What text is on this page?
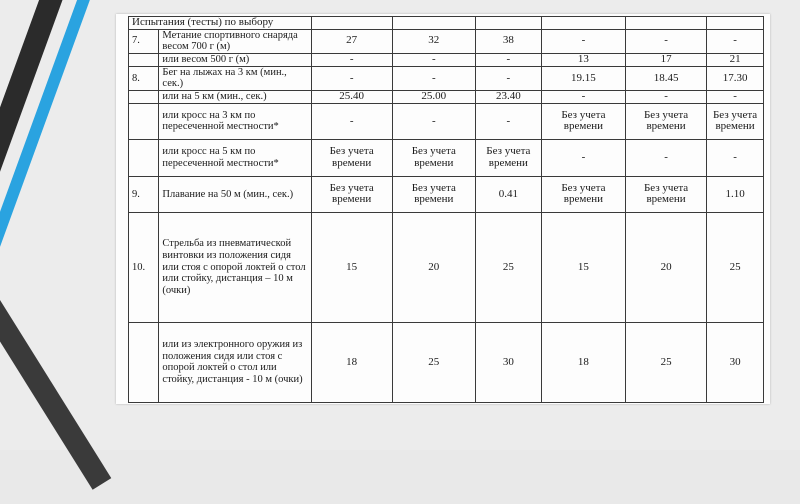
Испытания (тесты) по выбору							
7.	Метание спортивного снаряда весом 700 г (м)	27	32	38	-	-	-
	или весом 500 г (м)	-	-	-	13	17	21
8.	Бег на лыжах на 3 км (мин., сек.)	-	-	-	19.15	18.45	17.30
	или на 5 км (мин., сек.)	25.40	25.00	23.40	-	-	-
	или кросс на 3 км по пересеченной местности*	-	-	-	Без учета времени	Без учета времени	Без учета времени
	или кросс на 5 км по пересеченной местности*	Без учета времени	Без учета времени	Без учета времени	-	-	-
9.	Плавание на 50 м (мин., сек.)	Без учета времени	Без учета времени	0.41	Без учета времени	Без учета времени	1.10
10.	Стрельба из пневматической винтовки из положения сидя или стоя с опорой локтей о стол или стойку, дистанция – 10 м (очки)	15	20	25	15	20	25
	или из электронного оружия из положения сидя или стоя с опорой локтей о стол или стойку, дистанция - 10 м (очки)	18	25	30	18	25	30
